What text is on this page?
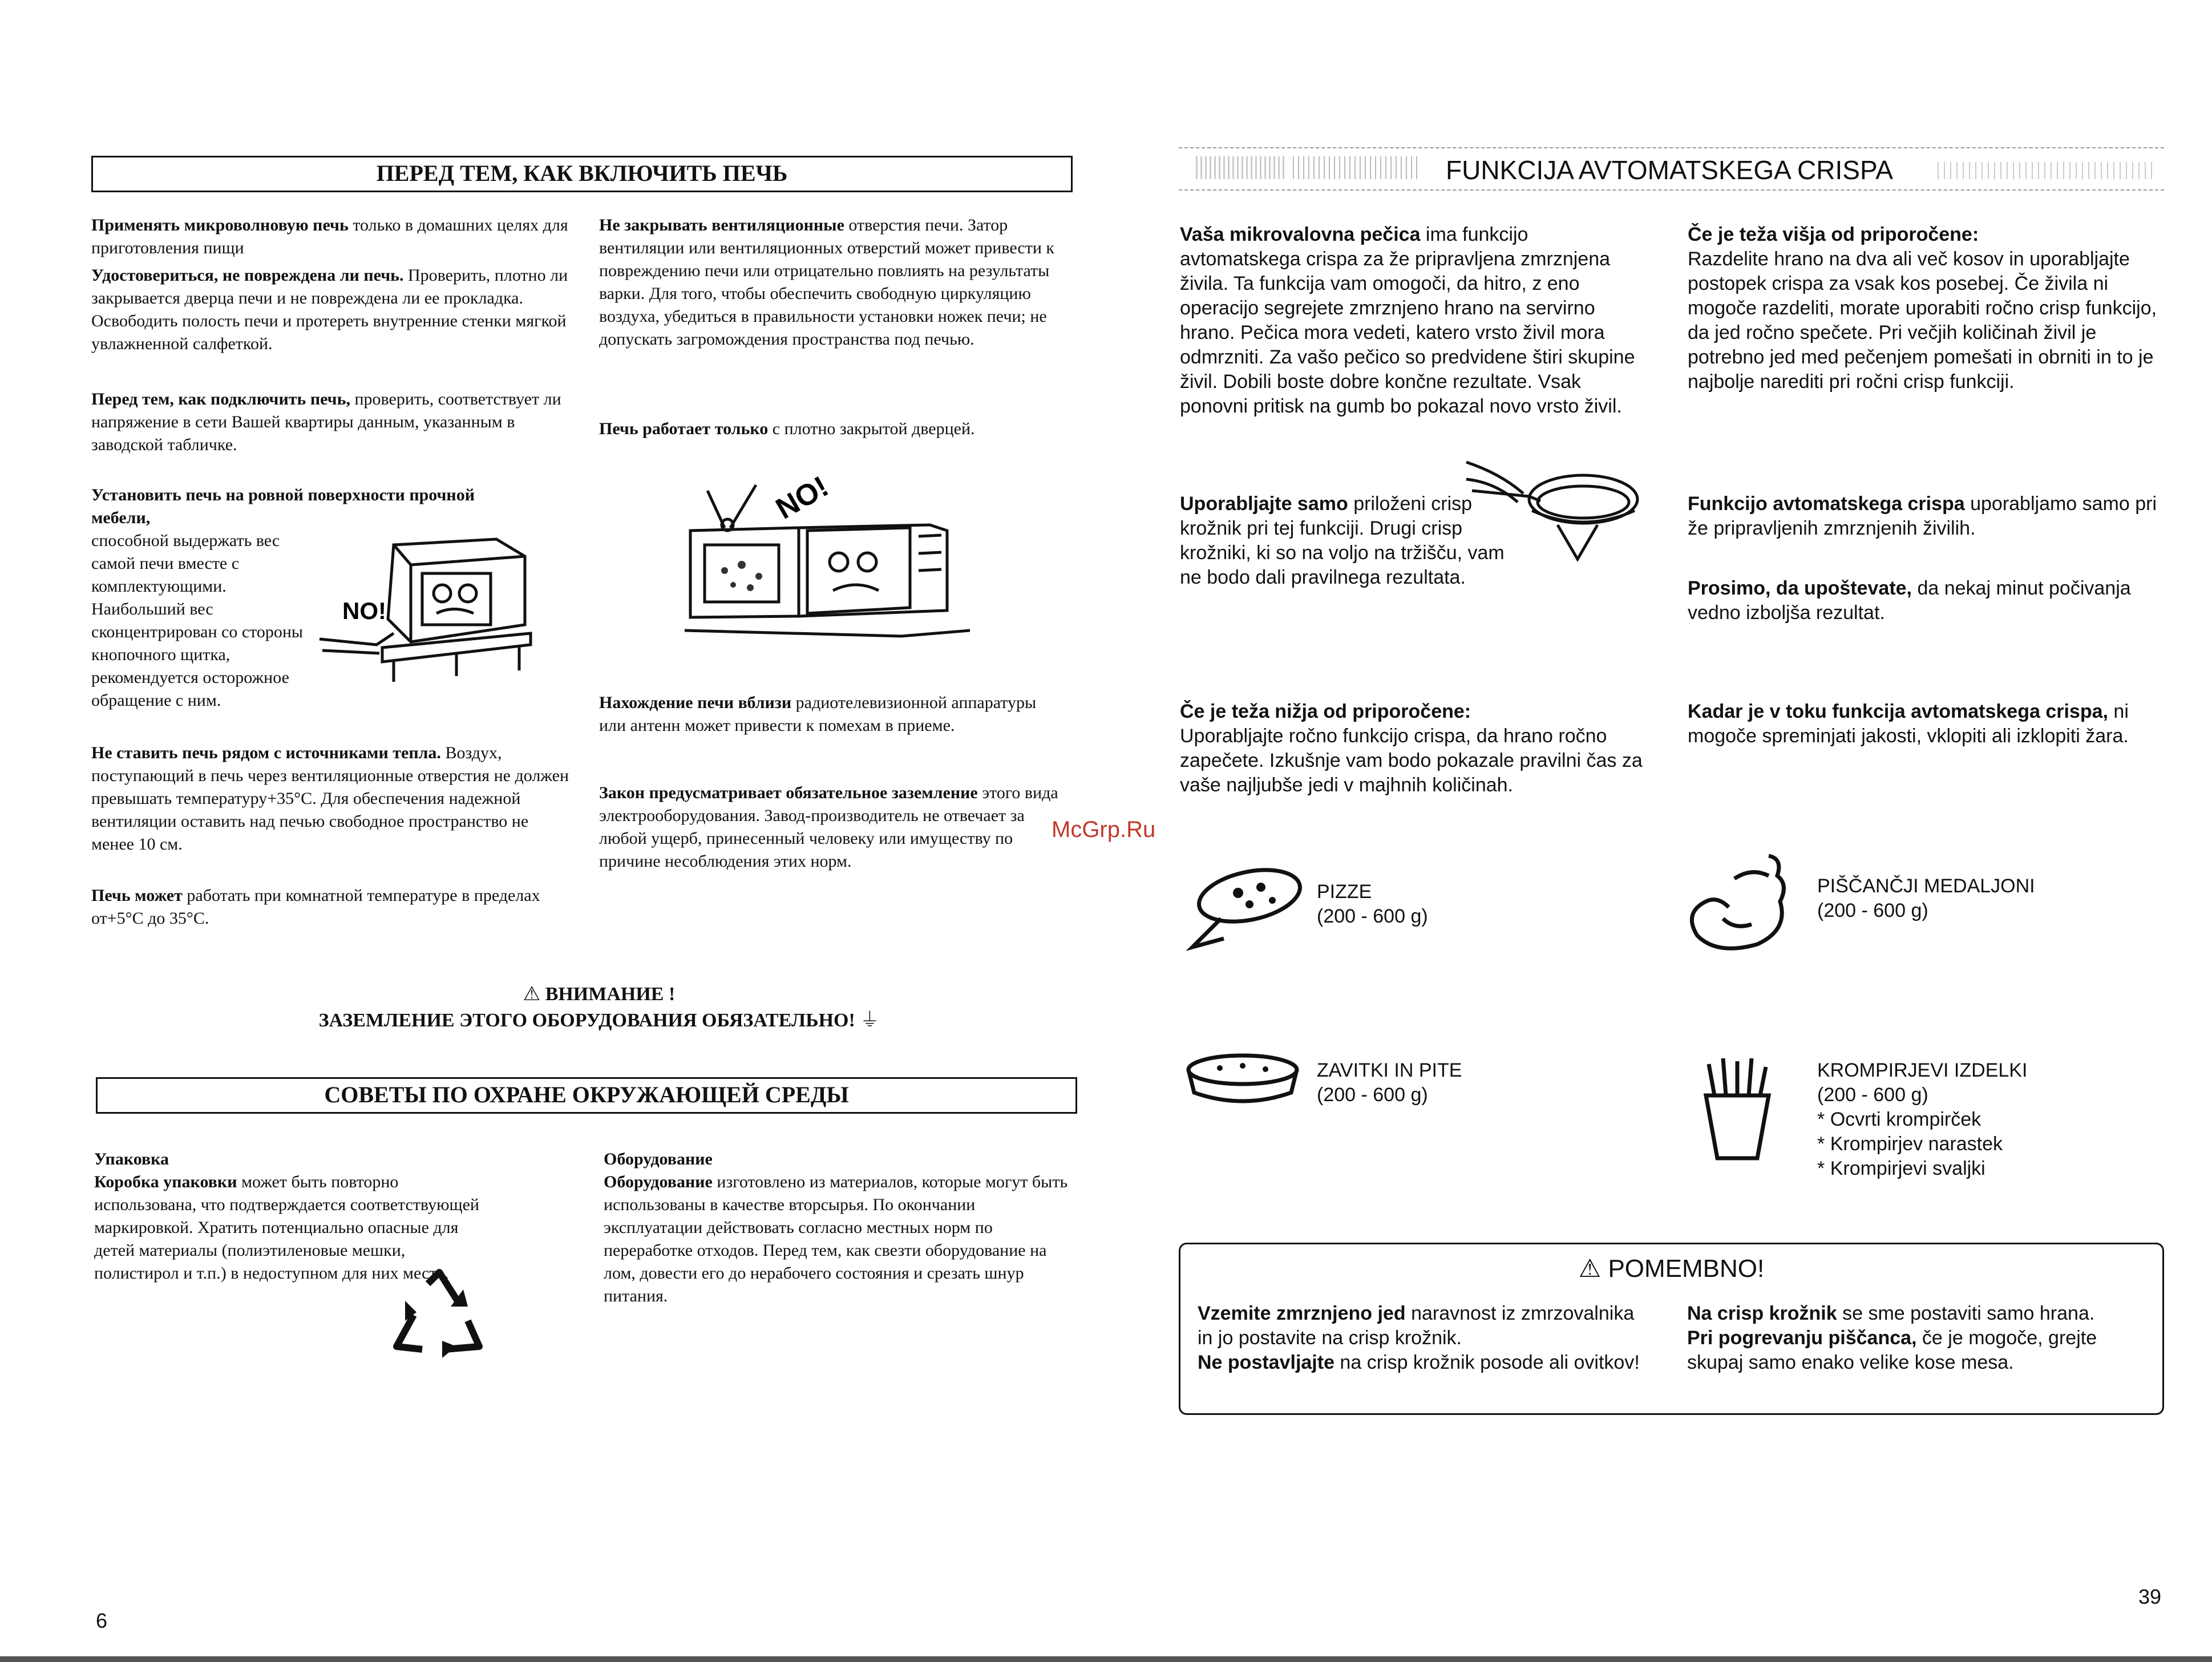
ПЕРЕД ТЕМ, КАК ВКЛЮЧИТЬ ПЕЧЬ

Применять микроволновую печь только в домашних целях для приготовления пищи

Удостовериться, не повреждена ли печь. Проверить, плотно ли закрывается дверца печи и не повреждена ли ее прокладка. Освободить полость печи и протереть внутренние стенки мягкой увлажненной салфеткой.

Перед тем, как подключить печь, проверить, соответствует ли напряжение в сети Вашей квартиры данным, указанным в заводской табличке.

Установить печь на ровной поверхности прочной мебели,

способной выдержать вес самой печи вместе с комплектующими. Наибольший вес сконцентрирован со стороны кнопочного щитка, рекомендуется осторожное обращение с ним.

NO!

Не ставить печь рядом с источниками тепла. Воздух, поступающий в печь через вентиляционные отверстия не должен превышать температуру+35°С. Для обеспечения надежной вентиляции оставить над печью свободное пространство не менее 10 см.

Печь может работать при комнатной температуре в пределах от+5°С до 35°С.

Не закрывать вентиляционные отверстия печи. Затор вентиляции или вентиляционных отверстий может привести к повреждению печи или отрицательно повлиять на результаты варки. Для того, чтобы обеспечить свободную циркуляцию воздуха, убедиться в правильности установки ножек печи; не допускать загромождения пространства под печью.

Печь работает только с плотно закрытой дверцей.

NO!

Нахождение печи вблизи радиотелевизионной аппаратуры или антенн может привести к помехам в приеме.

Закон предусматривает обязательное заземление этого вида электрооборудования. Завод-производитель не отвечает за любой ущерб, принесенный человеку или имуществу по причине несоблюдения этих норм.

⚠ ВНИМАНИЕ !
ЗАЗЕМЛЕНИЕ ЭТОГО ОБОРУДОВАНИЯ ОБЯЗАТЕЛЬНО! ⏚
СОВЕТЫ ПО ОХРАНЕ ОКРУЖАЮЩЕЙ СРЕДЫ

Упаковка

Коробка упаковки может быть повторно использована, что подтверждается соответствующей маркировкой. Хратить потенциально опасные для детей материалы (полиэтиленовые мешки, полистирол и т.п.) в недоступном для них месте.

Оборудование

Оборудование изготовлено из материалов, которые могут быть использованы в качестве вторсырья. По окончании эксплуатации действовать согласно местных норм по переработке отходов. Перед тем, как свезти оборудование на лом, довести его до нерабочего состояния и срезать шнур питания.

6
McGrp.Ru
FUNKCIJA AVTOMATSKEGA CRISPA

Vaša mikrovalovna pečica ima funkcijo avtomatskega crispa za že pripravljena zmrznjena živila. Ta funkcija vam omogoči, da hitro, z eno operacijo segrejete zmrznjeno hrano na servirno hrano. Pečica mora vedeti, katero vrsto živil mora odmrzniti. Za vašo pečico so predvidene štiri skupine živil. Dobili boste dobre končne rezultate. Vsak ponovni pritisk na gumb bo pokazal novo vrsto živil.

Če je teža višja od priporočene:

Razdelite hrano na dva ali več kosov in uporabljajte postopek crispa za vsak kos posebej. Če živila ni mogoče razdeliti, morate uporabiti ročno crisp funkcijo, da jed ročno spečete. Pri večjih količinah živil je potrebno jed med pečenjem pomešati in obrniti in to je najbolje narediti pri ročni crisp funkciji.

Uporabljajte samo priloženi crisp krožnik pri tej funkciji. Drugi crisp krožniki, ki so na voljo na tržišču, vam ne bodo dali pravilnega rezultata.

Funkcijo avtomatskega crispa uporabljamo samo pri že pripravljenih zmrznjenih živilih.

Prosimo, da upoštevate, da nekaj minut počivanja vedno izboljša rezultat.

Če je teža nižja od priporočene:

Uporabljajte ročno funkcijo crispa, da hrano ročno zapečete. Izkušnje vam bodo pokazale pravilni čas za vaše najljubše jedi v majhnih količinah.

Kadar je v toku funkcija avtomatskega crispa, ni mogoče spreminjati jakosti, vklopiti ali izklopiti žara.

PIZZE
(200 - 600 g)
PIŠČANČJI MEDALJONI
(200 - 600 g)
ZAVITKI IN PITE
(200 - 600 g)
KROMPIRJEVI IZDELKI
(200 - 600 g)
* Ocvrti krompirček
* Krompirjev narastek
* Krompirjevi svaljki
⚠ POMEMBNO!

Vzemite zmrznjeno jed naravnost iz zmrzovalnika in jo postavite na crisp krožnik.
Ne postavljajte na crisp krožnik posode ali ovitkov!

Na crisp krožnik se sme postaviti samo hrana.
Pri pogrevanju piščanca, če je mogoče, grejte skupaj samo enako velike kose mesa.

39
